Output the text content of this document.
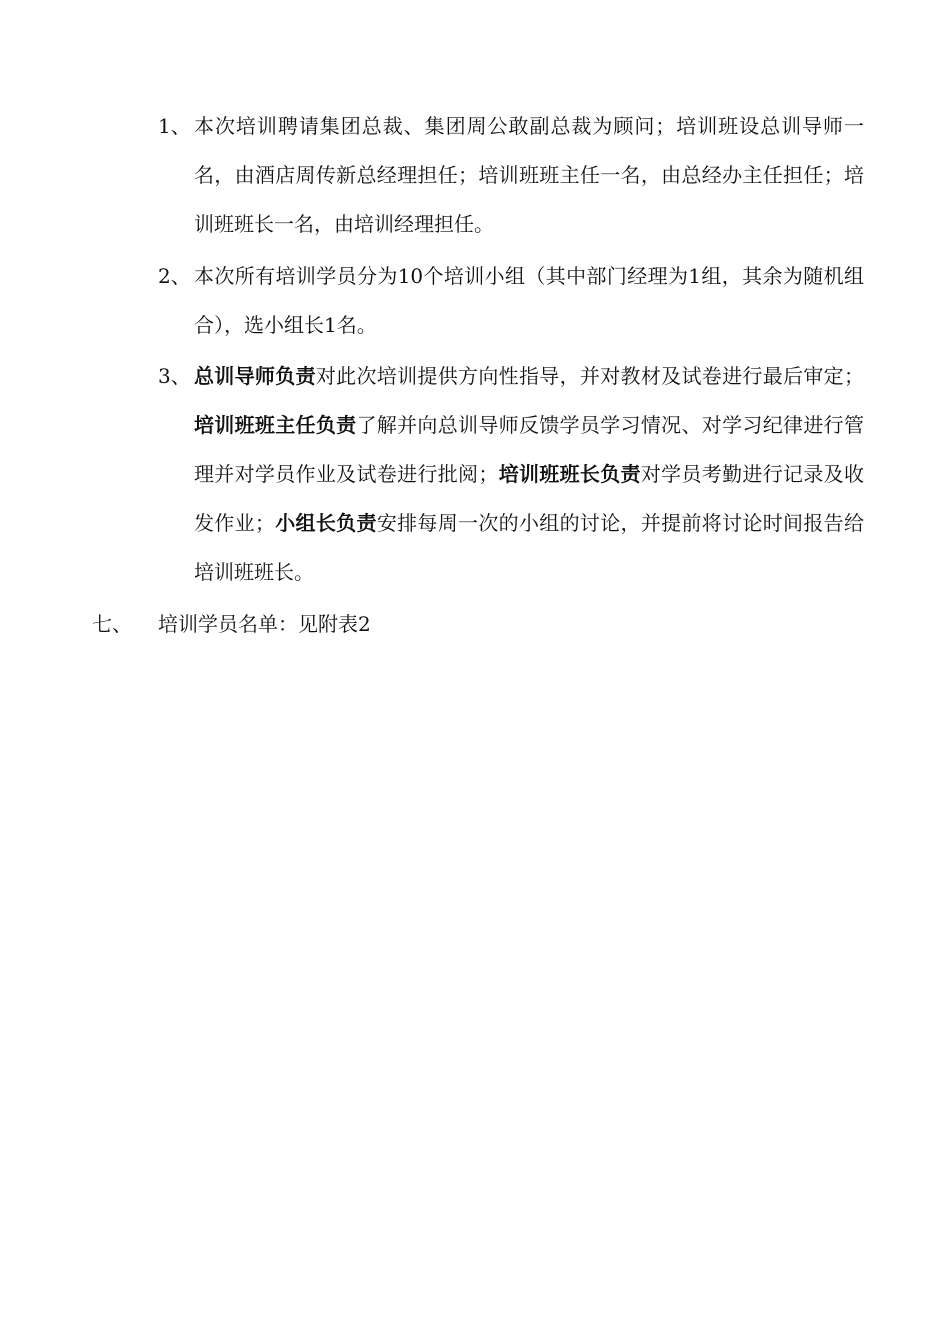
1、 本次培训聘请集团总裁、集团周公敢副总裁为顾问；培训班设总训导师一名，由酒店周传新总经理担任；培训班班主任一名，由总经办主任担任；培训班班长一名，由培训经理担任。
2、 本次所有培训学员分为10个培训小组（其中部门经理为1组，其余为随机组合），选小组长1名。
3、 总训导师负责对此次培训提供方向性指导，并对教材及试卷进行最后审定；培训班班主任负责了解并向总训导师反馈学员学习情况、对学习纪律进行管理并对学员作业及试卷进行批阅；培训班班长负责对学员考勤进行记录及收发作业；小组长负责安排每周一次的小组的讨论，并提前将讨论时间报告给培训班班长。
七、 培训学员名单：见附表2
